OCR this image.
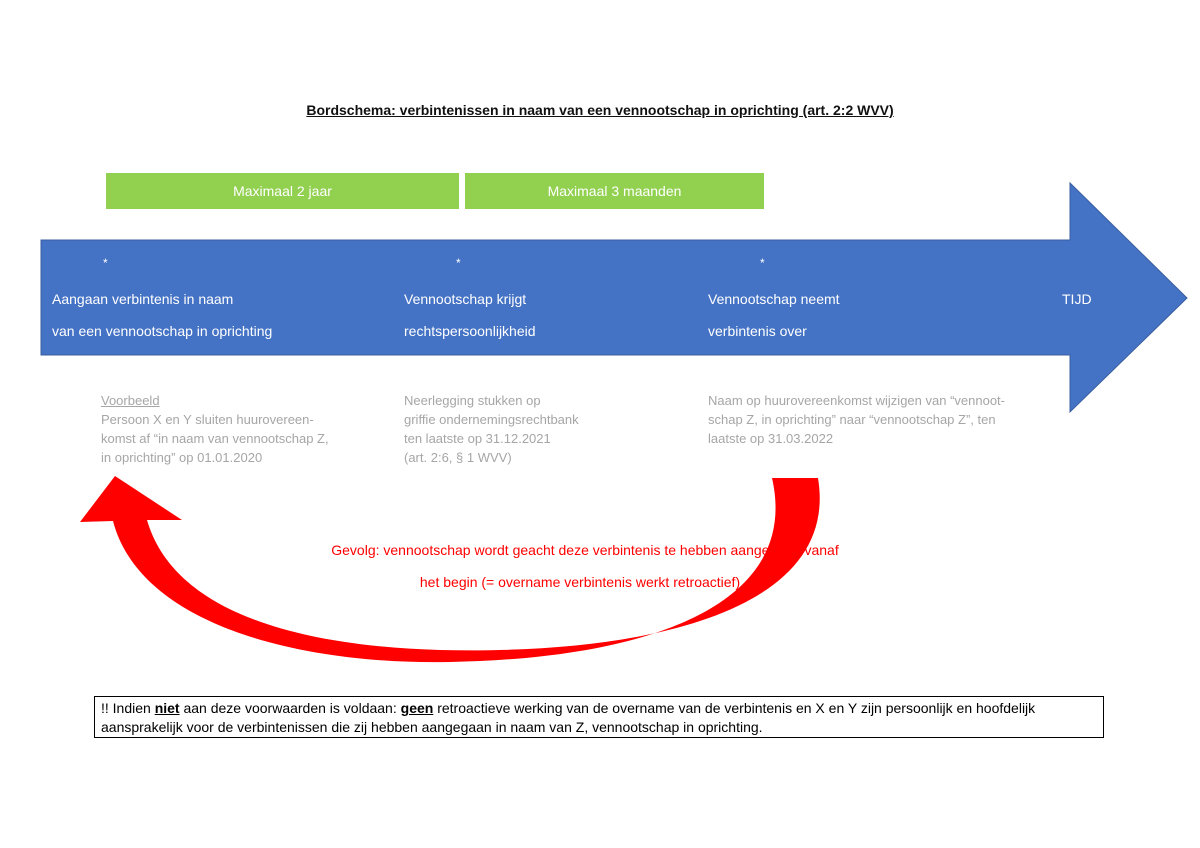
Bordschema: verbintenissen in naam van een vennootschap in oprichting (art. 2:2 WVV)
Maximaal 2 jaar	Maximaal 3 maanden
*	*	*
Aangaan verbintenis in naam
van een vennootschap in oprichting
Vennootschap krijgt
rechtspersoonlijkheid
Vennootschap neemt
verbintenis over
TIJD
Voorbeeld
Persoon X en Y sluiten huurovereen-
komst af “in naam van vennootschap Z,
in oprichting” op 01.01.2020
Neerlegging stukken op
griffie ondernemingsrechtbank
ten laatste op 31.12.2021
(art. 2:6, § 1 WVV)
Naam op huurovereenkomst wijzigen van “vennoot-
schap Z, in oprichting” naar “vennootschap Z”, ten
laatste op 31.03.2022
Gevolg: vennootschap wordt geacht deze verbintenis te hebben aangegaan vanaf
het begin (= overname verbintenis werkt retroactief)
!! Indien niet aan deze voorwaarden is voldaan: geen retroactieve werking van de overname van de verbintenis en X en Y zijn persoonlijk en hoofdelijk aansprakelijk voor de verbintenissen die zij hebben aangegaan in naam van Z, vennootschap in oprichting.
